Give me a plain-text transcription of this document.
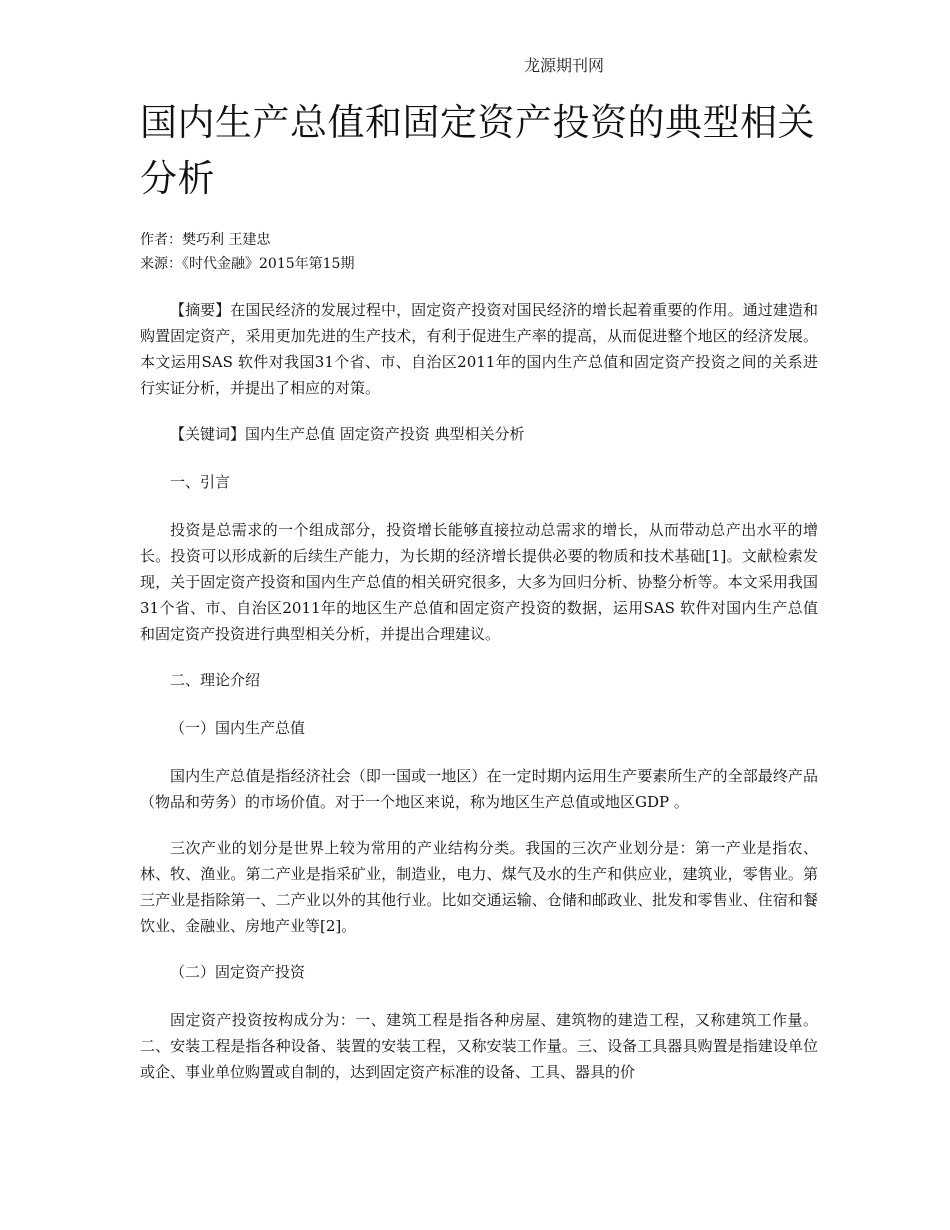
龙源期刊网
国内生产总值和固定资产投资的典型相关分析
作者：樊巧利 王建忠
来源：《时代金融》2015年第15期

【摘要】在国民经济的发展过程中，固定资产投资对国民经济的增长起着重要的作用。通过建造和购置固定资产，采用更加先进的生产技术，有利于促进生产率的提高，从而促进整个地区的经济发展。本文运用SAS 软件对我国31个省、市、自治区2011年的国内生产总值和固定资产投资之间的关系进行实证分析，并提出了相应的对策。

【关键词】国内生产总值 固定资产投资 典型相关分析

一、引言

投资是总需求的一个组成部分，投资增长能够直接拉动总需求的增长，从而带动总产出水平的增长。投资可以形成新的后续生产能力，为长期的经济增长提供必要的物质和技术基础[1]。文献检索发现，关于固定资产投资和国内生产总值的相关研究很多，大多为回归分析、协整分析等。本文采用我国31个省、市、自治区2011年的地区生产总值和固定资产投资的数据，运用SAS 软件对国内生产总值和固定资产投资进行典型相关分析，并提出合理建议。

二、理论介绍

（一）国内生产总值

国内生产总值是指经济社会（即一国或一地区）在一定时期内运用生产要素所生产的全部最终产品（物品和劳务）的市场价值。对于一个地区来说，称为地区生产总值或地区GDP 。

三次产业的划分是世界上较为常用的产业结构分类。我国的三次产业划分是：第一产业是指农、林、牧、渔业。第二产业是指采矿业，制造业，电力、煤气及水的生产和供应业，建筑业，零售业。第三产业是指除第一、二产业以外的其他行业。比如交通运输、仓储和邮政业、批发和零售业、住宿和餐饮业、金融业、房地产业等[2]。

（二）固定资产投资

固定资产投资按构成分为：一、建筑工程是指各种房屋、建筑物的建造工程，又称建筑工作量。二、安装工程是指各种设备、装置的安装工程，又称安装工作量。三、设备工具器具购置是指建设单位或企、事业单位购置或自制的，达到固定资产标准的设备、工具、器具的价
